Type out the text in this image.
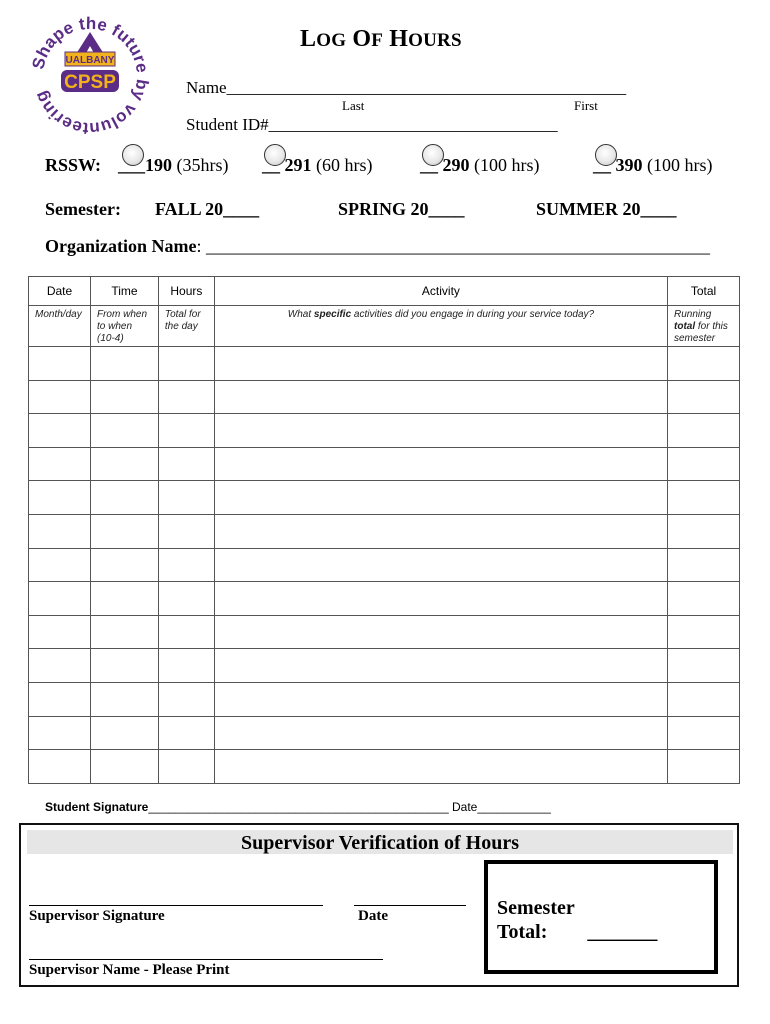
Shape the future by volunteering
UALBANY
CPSP
LOG OF HOURS
Name_______________________________________________
Last	First
Student ID#__________________________________
RSSW: ___190 (35hrs) __ 291 (60 hrs)	__ 290 (100 hrs)	__ 390 (100 hrs)
Semester: FALL 20____	SPRING 20____	SUMMER 20____
Organization Name: ________________________________________________________
Date	Time	Hours	Activity	Total
Month/day	From when to when (10-4)	Total for the day	What specific activities did you engage in during your service today?	Running total for this semester

Student Signature_____________________________________________ Date___________
Supervisor Verification of Hours
Supervisor Signature	Date
Supervisor Name - Please Print
Semester
Total: _______
